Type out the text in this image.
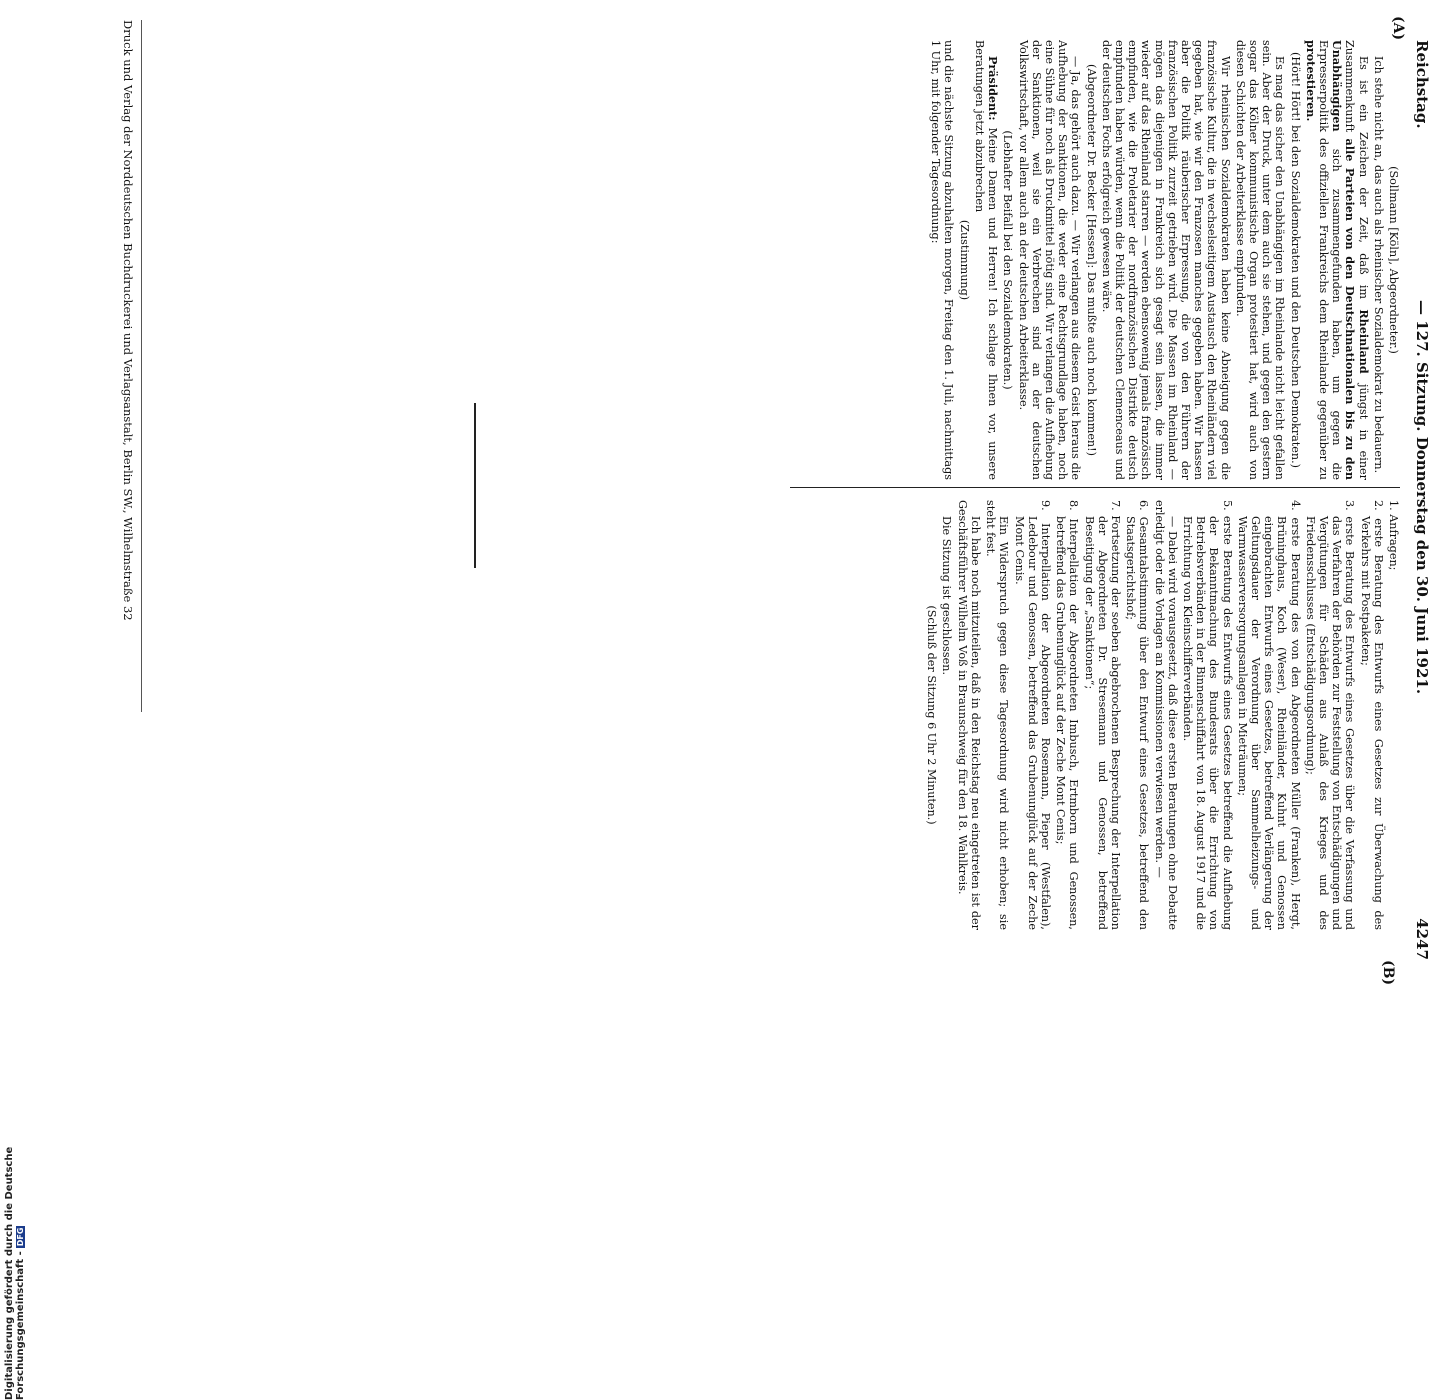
Reichstag.
— 127. Sitzung. Donnerstag den 30. Juni 1921.
4247
(A)
(B)

(Sollmann [Köln], Abgeordneter.)

Ich stehe nicht an, das auch als rheinischer Sozialdemokrat zu bedauern.

Es ist ein Zeichen der Zeit, daß im Rheinland jüngst in einer Zusammenkunft alle Parteien von den Deutschnationalen bis zu den Unabhängigen sich zusammengefunden haben, um gegen die Erpresserpolitik des offiziellen Frankreichs dem Rheinlande gegenüber zu protestieren.

(Hört! Hört! bei den Sozialdemokraten und den Deutschen Demokraten.)

Es mag das sicher den Unabhängigen im Rheinlande nicht leicht gefallen sein. Aber der Druck, unter dem auch sie stehen, und gegen den gestern sogar das Kölner kommunistische Organ protestiert hat, wird auch von diesen Schichten der Arbeiterklasse empfunden.

Wir rheinischen Sozialdemokraten haben keine Abneigung gegen die französische Kultur, die in wechselseitigem Austausch den Rheinländern viel gegeben hat, wie wir den Franzosen manches gegeben haben. Wir hassen aber die Politik räuberischer Erpressung, die von den Führern der französischen Politik zurzeit getrieben wird. Die Massen im Rheinland — mögen das diejenigen in Frankreich sich gesagt sein lassen, die immer wieder auf das Rheinland starren — werden ebensowenig jemals französisch empfinden, wie die Proletarier der nordfranzösischen Distrikte deutsch empfunden haben würden, wenn die Politik der deutschen Clemenceaus und der deutschen Fochs erfolgreich gewesen wäre.

(Abgeordneter Dr. Becker [Hessen]: Das mußte auch noch kommen!)

— Ja, das gehört auch dazu. — Wir verlangen aus diesem Geist heraus die Aufhebung der Sanktionen, die weder eine Rechtsgrundlage haben, noch eine Sühne für noch als Druckmittel nötig sind. Wir verlangen die Aufhebung der Sanktionen, weil sie ein Verbrechen sind an der deutschen Volkswirtschaft, vor allem auch an der deutschen Arbeiterklasse.

(Lebhafter Beifall bei den Sozialdemokraten.)

Präsident: Meine Damen und Herren! Ich schlage Ihnen vor, unsere Beratungen jetzt abzubrechen

(Zustimmung)

und die nächste Sitzung abzuhalten morgen, Freitag den 1. Juli, nachmittags 1 Uhr, mit folgender Tagesordnung:

1. Anfragen;

2. erste Beratung des Entwurfs eines Gesetzes zur Überwachung des Verkehrs mit Postpaketen;

3. erste Beratung des Entwurfs eines Gesetzes über die Verfassung und das Verfahren der Behörden zur Feststellung von Entschädigungen und Vergütungen für Schäden aus Anlaß des Krieges und des Friedensschlusses (Entschädigungsordnung);

4. erste Beratung des von den Abgeordneten Müller (Franken), Hergt, Brüninghaus, Koch (Weser), Rheinländer, Kuhnt und Genossen eingebrachten Entwurfs eines Gesetzes, betreffend Verlängerung der Geltungsdauer der Verordnung über Sammelheizungs- und Warmwasserversorgungsanlagen in Mieträumen;

5. erste Beratung des Entwurfs eines Gesetzes betreffend die Aufhebung der Bekanntmachung des Bundesrats über die Errichtung von Betriebsverbänden in der Binnenschiffahrt von 18. August 1917 und die Errichtung von Kleinschifferverbänden.

— Dabei wird vorausgesetzt, daß diese ersten Beratungen ohne Debatte erledigt oder die Vorlagen an Kommissionen verwiesen werden. —

6. Gesamtabstimmung über den Entwurf eines Gesetzes, betreffend den Staatsgerichtshof;

7. Fortsetzung der soeben abgebrochenen Besprechung der Interpellation der Abgeordneten Dr. Stresemann und Genossen, betreffend Beseitigung der „Sanktionen“;

8. Interpellation der Abgeordneten Imbusch, Ertmborn und Genossen, betreffend das Grubenunglück auf der Zeche Mont Cenis;

9. Interpellation der Abgeordneten Rosemann, Pieper (Westfalen), Ledebour und Genossen, betreffend das Grubenunglück auf der Zeche Mont Cenis.

Ein Widerspruch gegen diese Tagesordnung wird nicht erhoben; sie steht fest.

Ich habe noch mitzuteilen, daß in den Reichstag neu eingetreten ist der Geschäftsführer Wilhelm Voß in Braunschweig für den 18. Wahlkreis.

Die Sitzung ist geschlossen.

(Schluß der Sitzung 6 Uhr 2 Minuten.)

Druck und Verlag der Norddeutschen Buchdruckerei und Verlagsanstalt, Berlin SW., Wilhelmstraße 32
Digitalisierung gefördert durch die Deutsche Forschungsgemeinschaft -DFG
